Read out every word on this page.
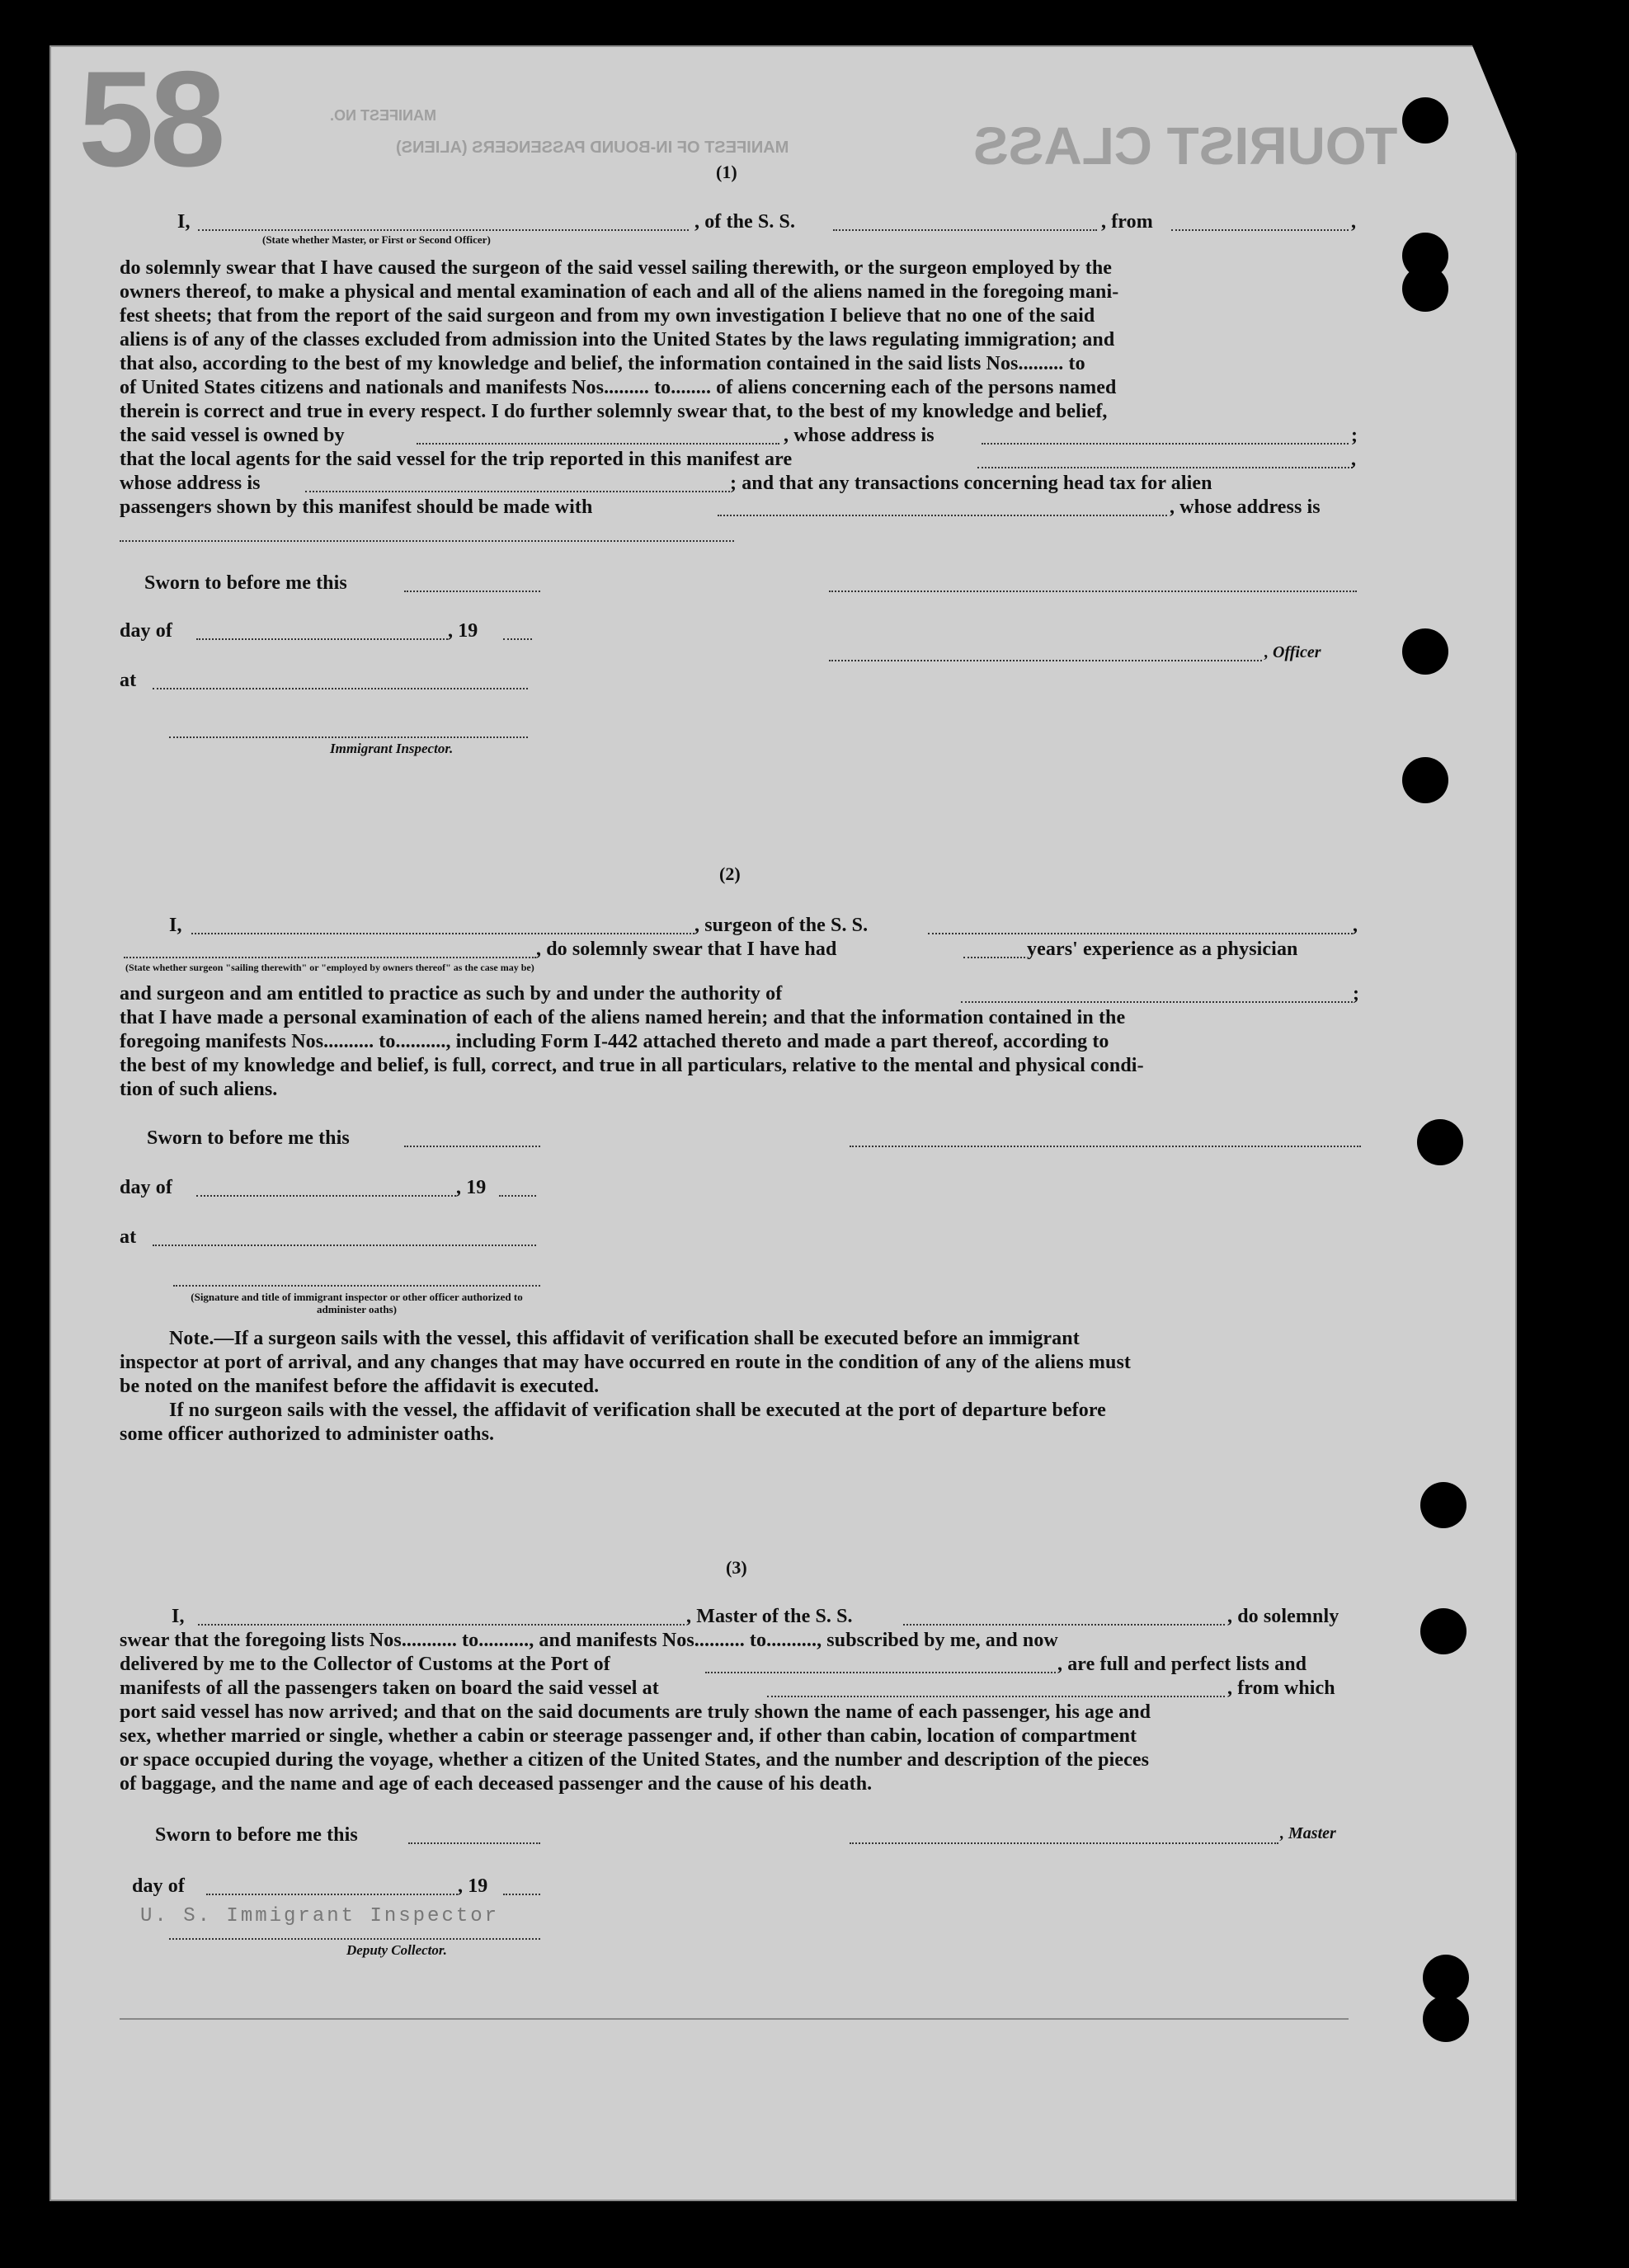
58	TOURIST CLASS
MANIFEST OF IN-BOUND PASSENGERS (ALIENS)
MANIFEST NO.
(1)
I,	, of the S. S.	, from	,
(State whether Master, or First or Second Officer)
do solemnly swear that I have caused the surgeon of the said vessel sailing therewith, or the surgeon employed by the
owners thereof, to make a physical and mental examination of each and all of the aliens named in the foregoing mani-
fest sheets; that from the report of the said surgeon and from my own investigation I believe that no one of the said
aliens is of any of the classes excluded from admission into the United States by the laws regulating immigration; and
that also, according to the best of my knowledge and belief, the information contained in the said lists Nos......... to
of United States citizens and nationals and manifests Nos......... to........ of aliens concerning each of the persons named
therein is correct and true in every respect. I do further solemnly swear that, to the best of my knowledge and belief,
the said vessel is owned by	, whose address is	;
that the local agents for the said vessel for the trip reported in this manifest are	,
whose address is	; and that any transactions concerning head tax for alien
passengers shown by this manifest should be made with	, whose address is
Sworn to before me this
day of	, 19
, Officer
at
Immigrant Inspector.
(2)
I,	, surgeon of the S. S.	,
, do solemnly swear that I have had	years' experience as a physician
(State whether surgeon "sailing therewith" or "employed by owners thereof" as the case may be)
and surgeon and am entitled to practice as such by and under the authority of	;
that I have made a personal examination of each of the aliens named herein; and that the information contained in the
foregoing manifests Nos.......... to.........., including Form I-442 attached thereto and made a part thereof, according to
the best of my knowledge and belief, is full, correct, and true in all particulars, relative to the mental and physical condi-
tion of such aliens.
Sworn to before me this
day of	, 19
at
(Signature and title of immigrant inspector or other officer authorized to administer oaths)
Note.—If a surgeon sails with the vessel, this affidavit of verification shall be executed before an immigrant
inspector at port of arrival, and any changes that may have occurred en route in the condition of any of the aliens must
be noted on the manifest before the affidavit is executed.
If no surgeon sails with the vessel, the affidavit of verification shall be executed at the port of departure before
some officer authorized to administer oaths.
(3)
I,	, Master of the S. S.	, do solemnly
swear that the foregoing lists Nos........... to.........., and manifests Nos.......... to.........., subscribed by me, and now
delivered by me to the Collector of Customs at the Port of	, are full and perfect lists and
manifests of all the passengers taken on board the said vessel at	, from which
port said vessel has now arrived; and that on the said documents are truly shown the name of each passenger, his age and
sex, whether married or single, whether a cabin or steerage passenger and, if other than cabin, location of compartment
or space occupied during the voyage, whether a citizen of the United States, and the number and description of the pieces
of baggage, and the name and age of each deceased passenger and the cause of his death.
Sworn to before me this	, Master
day of	, 19
U. S. Immigrant Inspector
Deputy Collector.
